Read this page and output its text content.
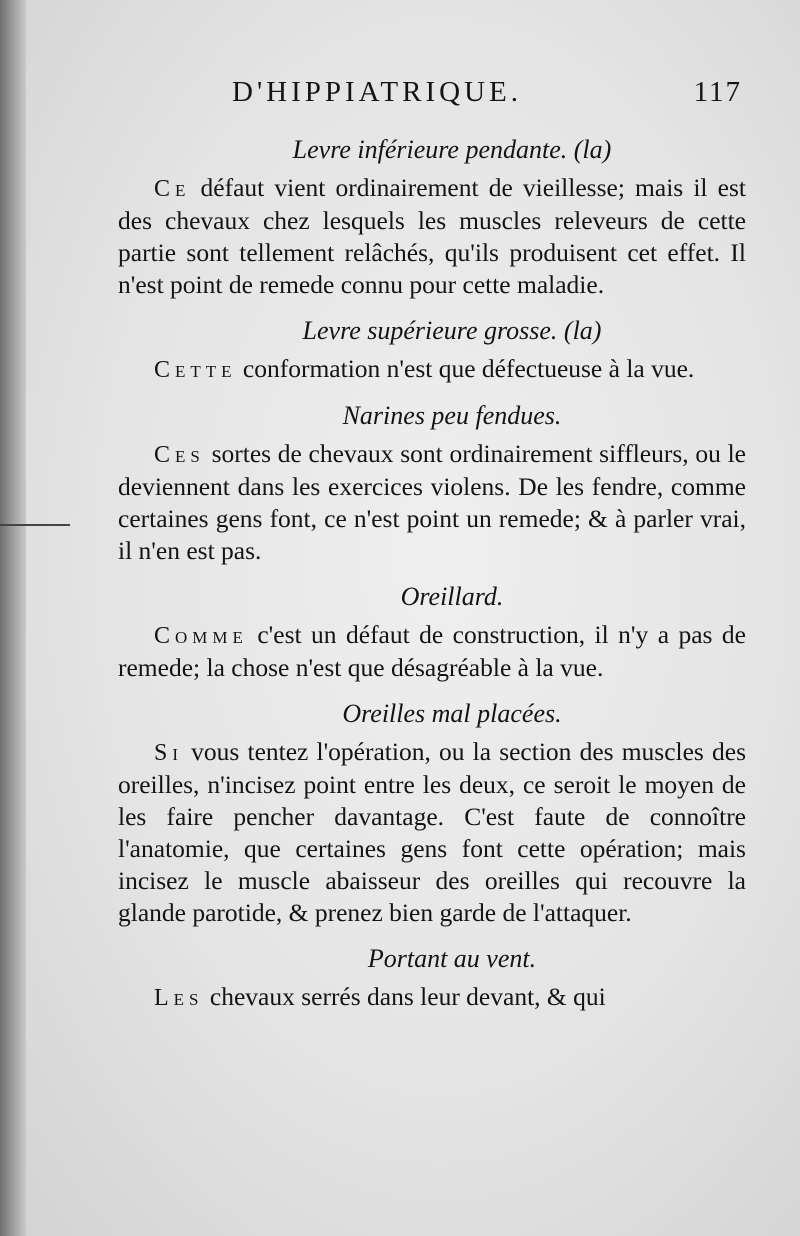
D'HIPPIATRIQUE.	117
Levre inférieure pendante. (la)

Ce défaut vient ordinairement de vieillesse; mais il est des chevaux chez lesquels les muscles releveurs de cette partie sont tellement relâchés, qu'ils produisent cet effet. Il n'est point de remede connu pour cette maladie.

Levre supérieure grosse. (la)

Cette conformation n'est que défectueuse à la vue.

Narines peu fendues.

Ces sortes de chevaux sont ordinairement siffleurs, ou le deviennent dans les exercices violens. De les fendre, comme certaines gens font, ce n'est point un remede; & à parler vrai, il n'en est pas.

Oreillard.

Comme c'est un défaut de construction, il n'y a pas de remede; la chose n'est que désagréable à la vue.

Oreilles mal placées.

Si vous tentez l'opération, ou la section des muscles des oreilles, n'incisez point entre les deux, ce seroit le moyen de les faire pencher davantage. C'est faute de connoître l'anatomie, que certaines gens font cette opération; mais incisez le muscle abaisseur des oreilles qui recouvre la glande parotide, & prenez bien garde de l'attaquer.

Portant au vent.

Les chevaux serrés dans leur devant, & qui
